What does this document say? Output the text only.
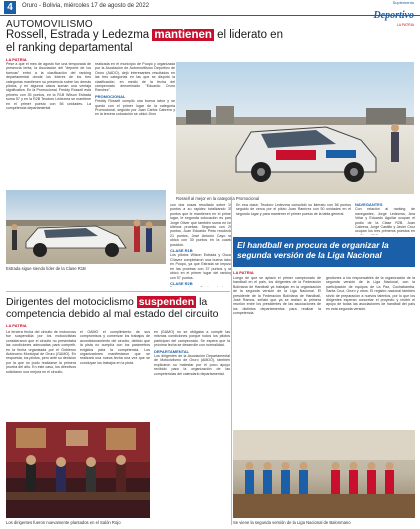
4	Oruro - Bolivia, miércoles 17 de agosto de 2022
Suplemento
Deportivo
LA PATRIA
AUTOMOVILISMO
Rossell, Estrada y Ledezma mantienen el liderato en el ranking departamental
LA PATRIA

Pese a que el mes de agosto fue una temporada de presencia lenta, la Asociación del "deporte de los tuercas" entró a la clasificación del ranking departamental donde los líderes de los tres categorías mantienen su presencia sobre los demás pilotos, y en algunos casos suman una ventaja significativa. En la Promocional, Freddy Rossell está primero con 35 puntos, en la R1B Wilson Estrada suma 57 y en la R2B Teodoro Ledezma se mantiene en el primer puesto con 56 unidades. La competencia departamental

realizada en el municipio de Poopó y organizada por la Asociación de Automovilismo Deportivo de Oruro (AADO), dejó interesantes resultados en las tres categorías en las que se disputó la clasificación, en medio de la fecha del campeonato denominado "Eduardo Oruro Ramírez".

PROMOCIONAL

Freddy Rossell cumplió una buena labor y se quedó con el primer lugar de la categoría Promocional, seguido por Juan Carlos Cabrera y en la tercera colocación se ubicó Jhon

Rossell al mejor en la categoría Promocional
Estrada sigue siendo líder de la Clase R1B

con dos cosas resultado sobre 10 puntos a su rapidez totalizando 35 puntos que le mantienen en el primer lugar, le segunda colocación es para Jorge Oliver que también suma en los últimos pruebas. Segundo con 29 puntos, Juan Eduardo Pinto recolecta 21 puntos, José Antonio Cayo se ubica con 30 puntos en la cuarta posición.

CLASE R1B

Los pilotos Wilson Estrada y Oscar Chavez completaron una buena labor en Poopó, ya que Estrada se impuso en las pruebas con 37 puntos y se ubicó en el primer lugar del ranking con 57 puntos.

CLASE R2B

NAVEGANTES

Con relación al ranking de navegantes, Jorge Ledezma, Ana Velar y Eduardo Aguilar ocupan el podio de la Clase R2B. Juan Cabrera, Jorge Castillo y Javier Cruz ocupan los tres primeros puestos en

En esa clase, Teodoro Ledezma consolidó su liderato con 56 puntos seguido de cerca por el piloto Juan Ramírez con 50 unidades en el segundo lugar y para mantener el primer puesto de la tabla general.

Dirigentes del motociclismo suspenden la competencia debido al mal estado del circuito
LA PATRIA

La tercera fecha del circuito de motocross fue suspendida por los motociclistas consideraron que el circuito no presentaba las condiciones adecuadas para competir, en la fecha organizada por el Gobierno Autónomo Municipal de Oruro (GAMO). En respuesta, los pilotos, pero ante su decisión por la que no pudo realizarse la primera prueba del año. En este caso, los directivos solicitaron una mejora en el circuito.

el GAMO el cumplimiento de sus compromisos y comenzar los trabajos de acondicionamiento del circuito, debido que la pista no cumplía con los parámetros exigidos para la competencia. Los organizadores manifestaron que se realizará una nueva fecha una vez que se concluyan los trabajos en la pista.

en (GAMO) no se obligaba a cumplir las mismas condiciones porque todos los pilotos participan del campeonato. Se espera que la próxima fecha se desarrolle con normalidad.

DEPARTAMENTAL

Los dirigentes de la Asociación Departamental de Motociclismo de Oruro (AMDO), también explicaron su malestar por el poco apoyo recibido para la organización de las competencias del calendario departamental.

Los dirigentes fueron nuevamente plantados en el Salón Rojo
El handball en procura de organizar la segunda versión de la Liga Nacional
LA PATRIA

Luego de que se aplazó el primer campeonato de handball en el país, los dirigentes de la Federación Boliviana de Handball ya trabajan en la organización de la segunda versión de la Liga Nacional. El presidente de la Federación Boliviana de Handball, José Ramos, señaló que ya se realizó la primera reunión entre los presidentes de las asociaciones de los distintos departamentos para realizar la competencia.

gestiones a los responsables de la organización de la segunda versión de la Liga Nacional, con la participación de equipos de La Paz, Cochabamba, Santa Cruz, Oruro y otros. El registro nacional también sirvió de preparación a nuevos talentos, por lo que los dirigentes esperan concretar el proyecto y recibir el apoyo de todas las asociaciones de handball del país en esta segunda versión.

Se viene la segunda versión de la Liga Nacional de Balonmano
